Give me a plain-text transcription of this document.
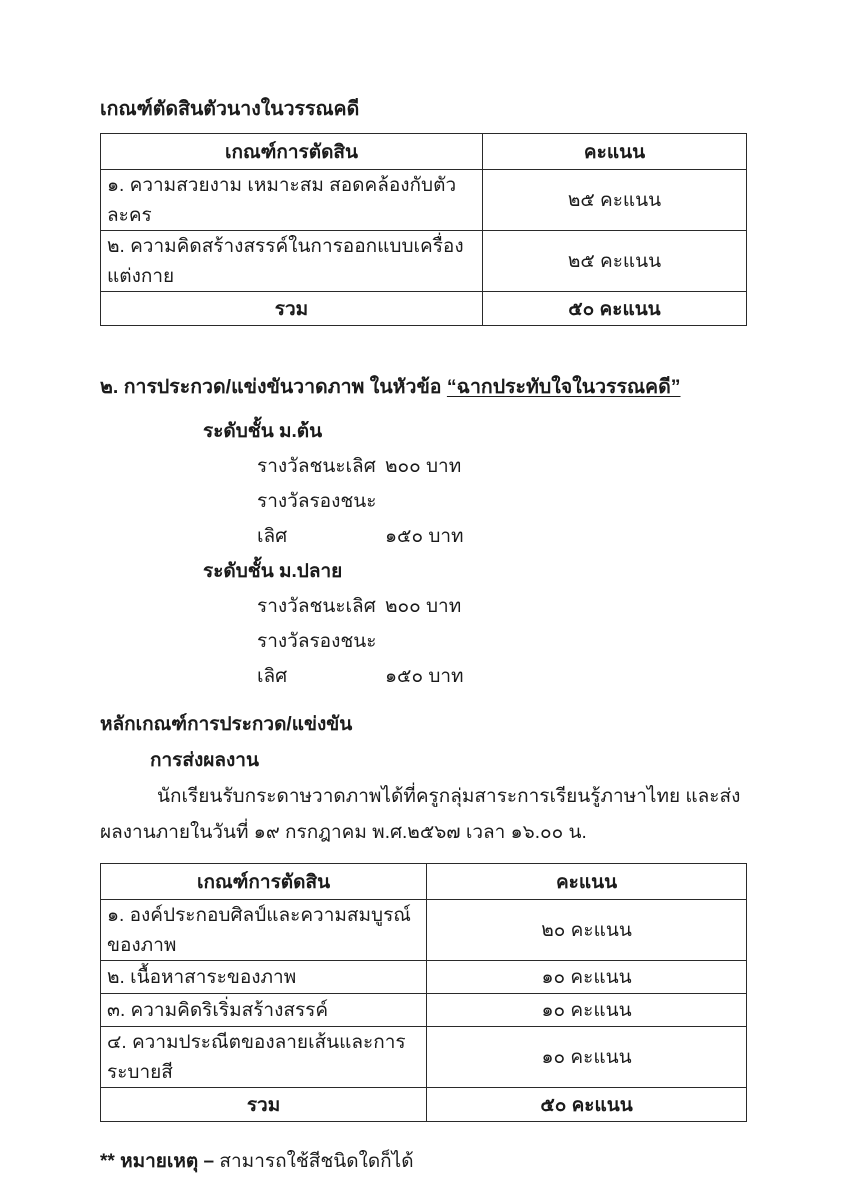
เกณฑ์ตัดสินตัวนางในวรรณคดี
เกณฑ์การตัดสิน	คะแนน
๑. ความสวยงาม เหมาะสม สอดคล้องกับตัวละคร	๒๕ คะแนน
๒. ความคิดสร้างสรรค์ในการออกแบบเครื่องแต่งกาย	๒๕ คะแนน
รวม	๕๐ คะแนน
๒. การประกวด/แข่งขันวาดภาพ ในหัวข้อ “ฉากประทับใจในวรรณคดี”
ระดับชั้น ม.ต้น
รางวัลชนะเลิศ ๒๐๐ บาท
รางวัลรองชนะเลิศ	๑๕๐ บาท
ระดับชั้น ม.ปลาย
รางวัลชนะเลิศ ๒๐๐ บาท
รางวัลรองชนะเลิศ	๑๕๐ บาท
หลักเกณฑ์การประกวด/แข่งขัน
การส่งผลงาน

นักเรียนรับกระดาษวาดภาพได้ที่ครูกลุ่มสาระการเรียนรู้ภาษาไทย และส่งผลงานภายในวันที่ ๑๙ กรกฎาคม พ.ศ.๒๕๖๗ เวลา ๑๖.๐๐ น.

เกณฑ์การตัดสิน	คะแนน
๑. องค์ประกอบศิลป์และความสมบูรณ์ของภาพ	๒๐ คะแนน
๒. เนื้อหาสาระของภาพ	๑๐ คะแนน
๓. ความคิดริเริ่มสร้างสรรค์	๑๐ คะแนน
๔. ความประณีตของลายเส้นและการระบายสี	๑๐ คะแนน
รวม	๕๐ คะแนน
** หมายเหตุ – สามารถใช้สีชนิดใดก็ได้
